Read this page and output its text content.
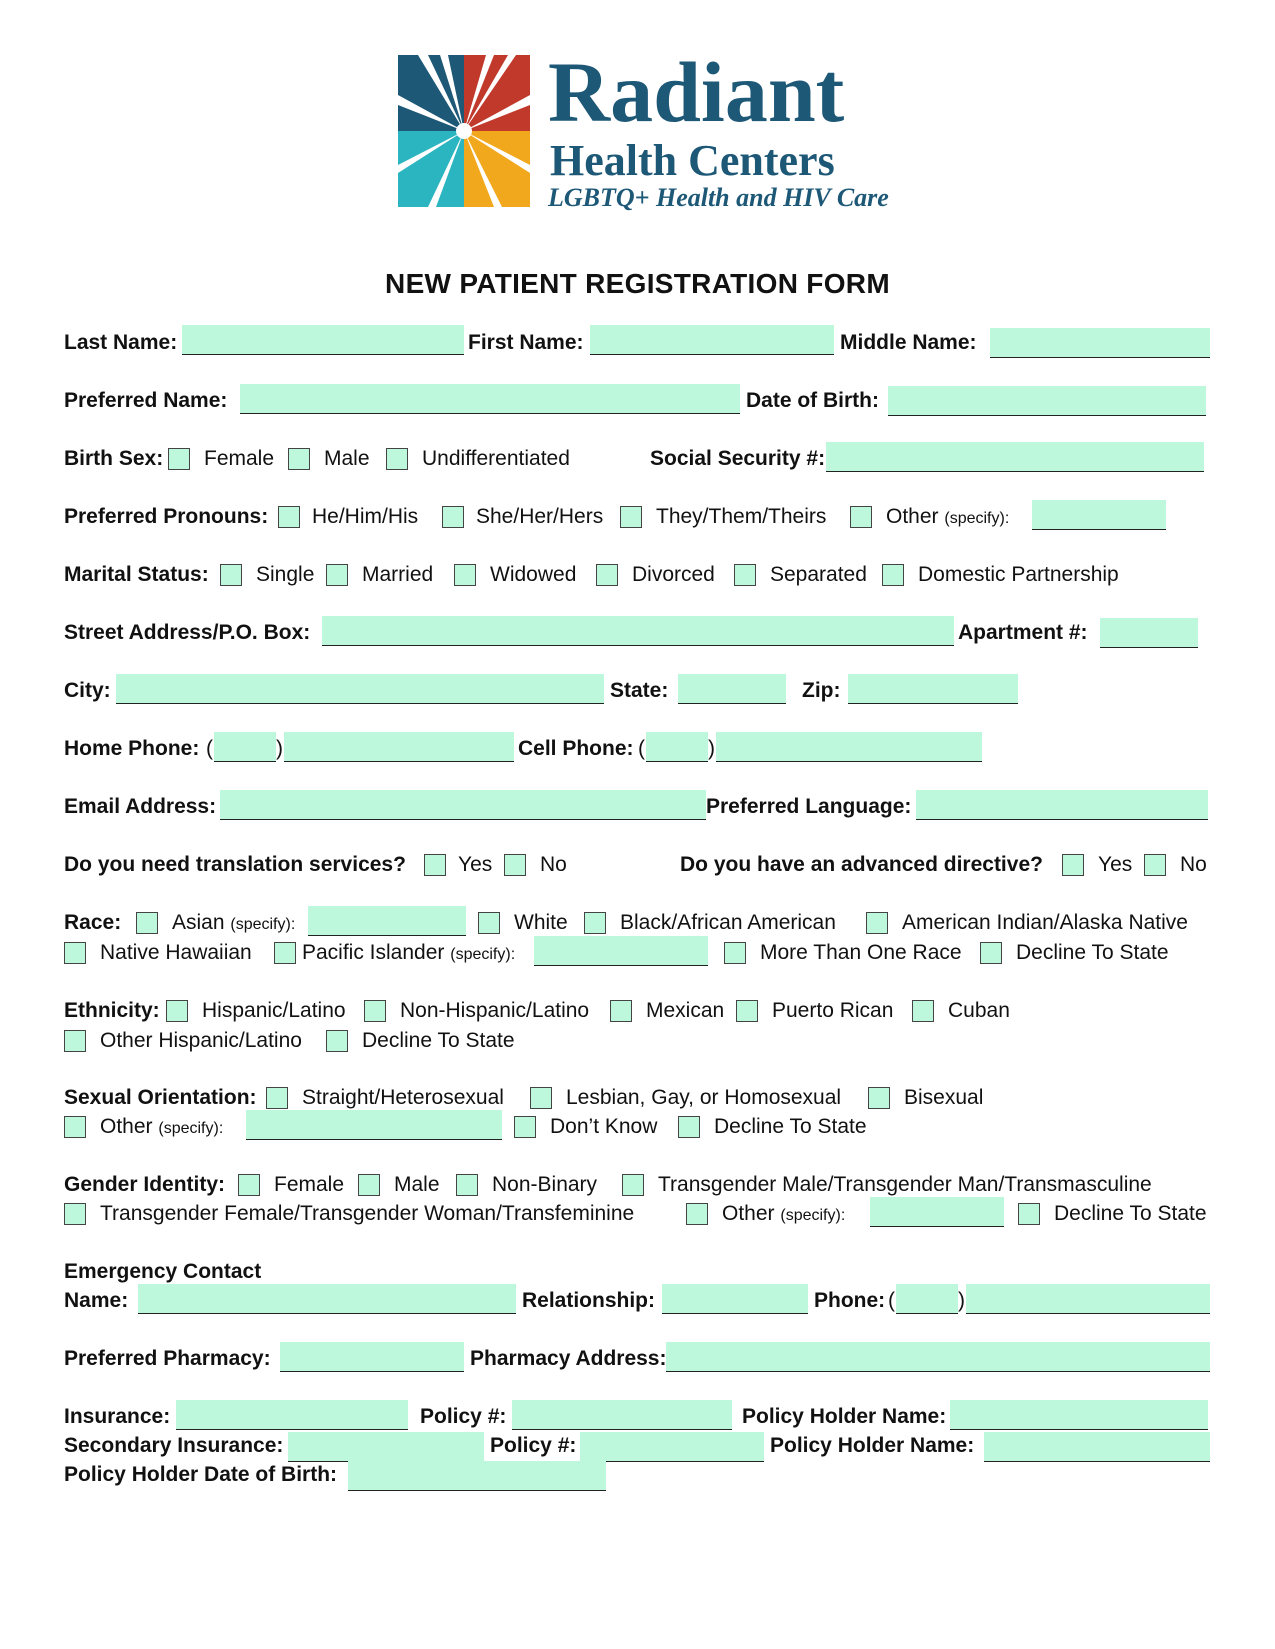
Radiant
Health Centers
LGBTQ+ Health and HIV Care
NEW PATIENT REGISTRATION FORM
Last Name:	First Name:	Middle Name:
Preferred Name:	Date of Birth:
Birth Sex: Female Male Undifferentiated	Social Security #:
Preferred Pronouns: He/Him/His	She/Her/Hers	They/Them/Theirs	Other (specify):
Marital Status: Single Married	Widowed	Divorced	Separated Domestic Partnership
Street Address/P.O. Box:	Apartment #:
City:	State:	Zip:
Home Phone: (	)	Cell Phone: (	)
Email Address:	Preferred Language:
Do you need translation services? Yes No	Do you have an advanced directive?	Yes No
Race: Asian (specify):	White Black/African American	American Indian/Alaska Native
Native Hawaiian Pacific Islander (specify):	More Than One Race	Decline To State
Ethnicity: Hispanic/Latino	Non-Hispanic/Latino	Mexican Puerto Rican	Cuban
Other Hispanic/Latino	Decline To State
Sexual Orientation: Straight/Heterosexual	Lesbian, Gay, or Homosexual	Bisexual
Other (specify):	Don’t Know	Decline To State
Gender Identity: Female Male Non-Binary	Transgender Male/Transgender Man/Transmasculine
Transgender Female/Transgender Woman/Transfeminine	Other (specify):	Decline To State
Emergency Contact
Name:	Relationship:	Phone: (	)
Preferred Pharmacy:	Pharmacy Address:
Insurance:	Policy #:	Policy Holder Name:
Secondary Insurance:	Policy #:	Policy Holder Name:
Policy Holder Date of Birth:
